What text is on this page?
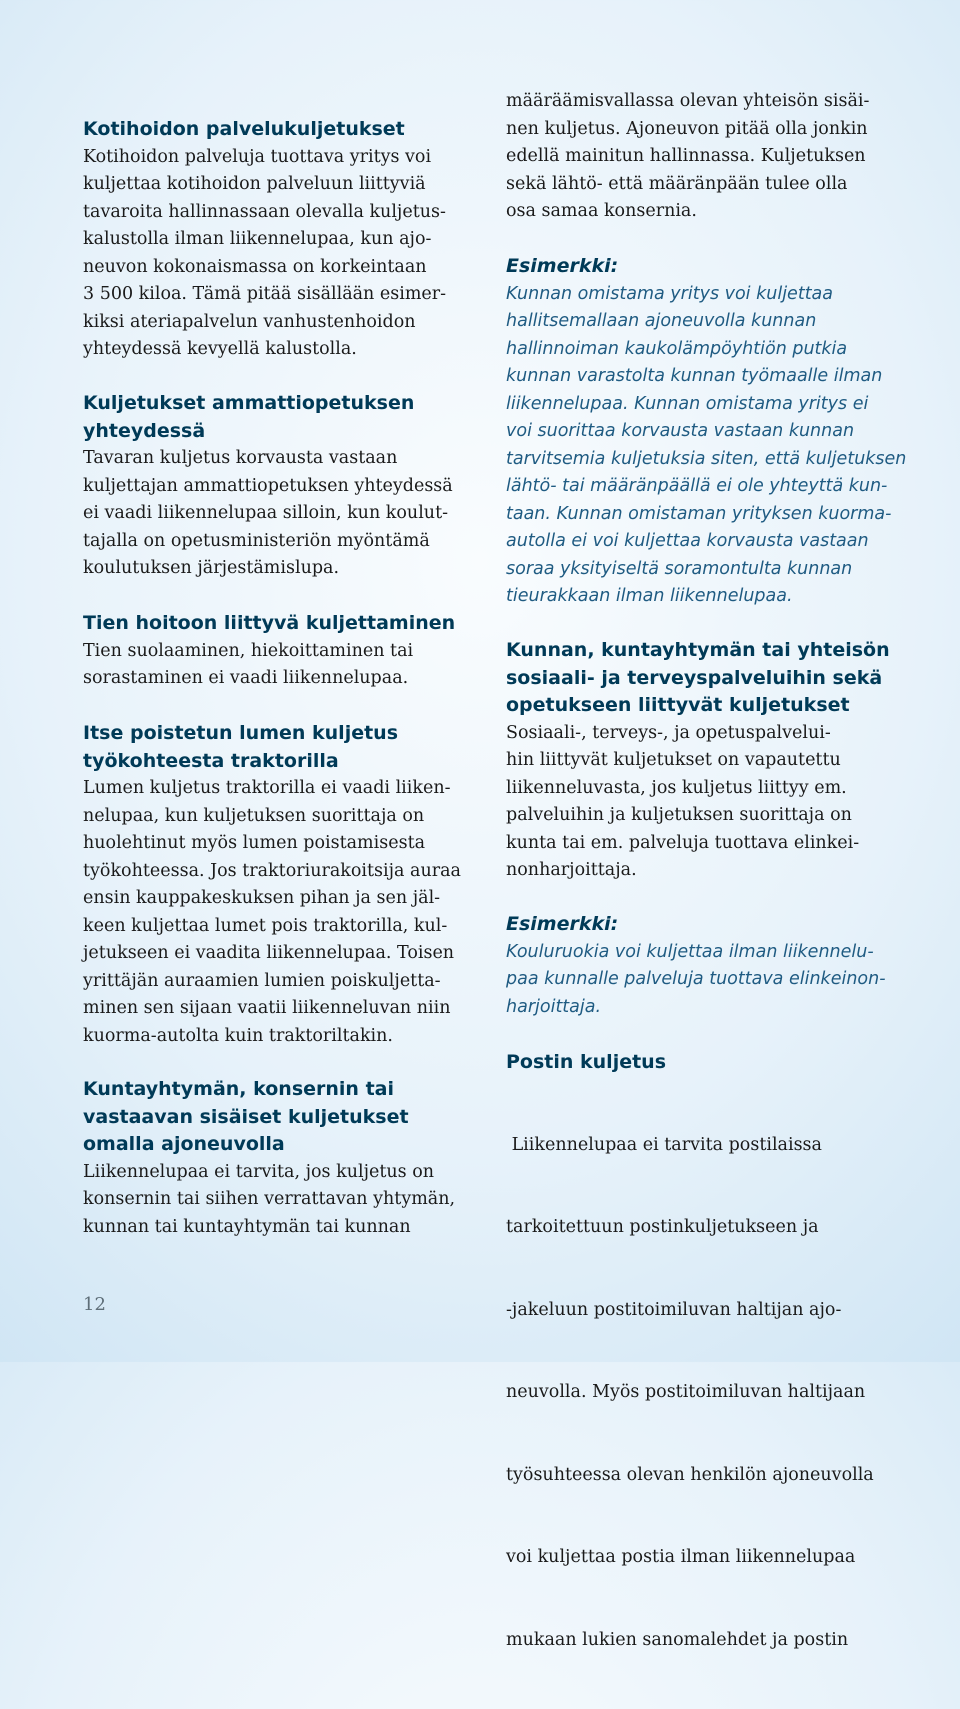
Kotihoidon palvelukuljetukset

Kotihoidon palveluja tuottava yritys voi
kuljettaa kotihoidon palveluun liittyviä
tavaroita hallinnassaan olevalla kuljetus-
kalustolla ilman liikennelupaa, kun ajo-
neuvon kokonaismassa on korkeintaan
3 500 kiloa. Tämä pitää sisällään esimer-
kiksi ateriapalvelun vanhustenhoidon
yhteydessä kevyellä kalustolla.

Kuljetukset ammattiopetuksen
yhteydessä

Tavaran kuljetus korvausta vastaan
kuljettajan ammattiopetuksen yhteydessä
ei vaadi liikennelupaa silloin, kun koulut-
tajalla on opetusministeriön myöntämä
koulutuksen järjestämislupa.

Tien hoitoon liittyvä kuljettaminen

Tien suolaaminen, hiekoittaminen tai
sorastaminen ei vaadi liikennelupaa.

Itse poistetun lumen kuljetus
työkohteesta traktorilla

Lumen kuljetus traktorilla ei vaadi liiken-
nelupaa, kun kuljetuksen suorittaja on
huolehtinut myös lumen poistamisesta
työkohteessa. Jos traktoriurakoitsija auraa
ensin kauppakeskuksen pihan ja sen jäl-
keen kuljettaa lumet pois traktorilla, kul-
jetukseen ei vaadita liikennelupaa. Toisen
yrittäjän auraamien lumien poiskuljetta-
minen sen sijaan vaatii liikenneluvan niin
kuorma-autolta kuin traktoriltakin.

Kuntayhtymän, konsernin tai
vastaavan sisäiset kuljetukset
omalla ajoneuvolla

Liikennelupaa ei tarvita, jos kuljetus on
konsernin tai siihen verrattavan yhtymän,
kunnan tai kuntayhtymän tai kunnan

määräämisvallassa olevan yhteisön sisäi-
nen kuljetus. Ajoneuvon pitää olla jonkin
edellä mainitun hallinnassa. Kuljetuksen
sekä lähtö- että määränpään tulee olla
osa samaa konsernia.

Esimerkki:

Kunnan omistama yritys voi kuljettaa
hallitsemallaan ajoneuvolla kunnan
hallinnoiman kaukolämpöyhtiön putkia
kunnan varastolta kunnan työmaalle ilman
liikennelupaa. Kunnan omistama yritys ei
voi suorittaa korvausta vastaan kunnan
tarvitsemia kuljetuksia siten, että kuljetuksen
lähtö- tai määränpäällä ei ole yhteyttä kun-
taan. Kunnan omistaman yrityksen kuorma-
autolla ei voi kuljettaa korvausta vastaan
soraa yksityiseltä soramontulta kunnan
tieurakkaan ilman liikennelupaa.

Kunnan, kuntayhtymän tai yhteisön
sosiaali- ja terveyspalveluihin sekä
opetukseen liittyvät kuljetukset

Sosiaali-, terveys-, ja opetuspalvelui-
hin liittyvät kuljetukset on vapautettu
liikenneluvasta, jos kuljetus liittyy em.
palveluihin ja kuljetuksen suorittaja on
kunta tai em. palveluja tuottava elinkei-
nonharjoittaja.

Esimerkki:

Kouluruokia voi kuljettaa ilman liikennelu-
paa kunnalle palveluja tuottava elinkeinon-
harjoittaja.

Postin kuljetus

Liikennelupaa ei tarvita postilaissa

tarkoitettuun postinkuljetukseen ja

-jakeluun postitoimiluvan haltijan ajo-

neuvolla. Myös postitoimiluvan haltijaan

työsuhteessa olevan henkilön ajoneuvolla

voi kuljettaa postia ilman liikennelupaa

mukaan lukien sanomalehdet ja postin

12
